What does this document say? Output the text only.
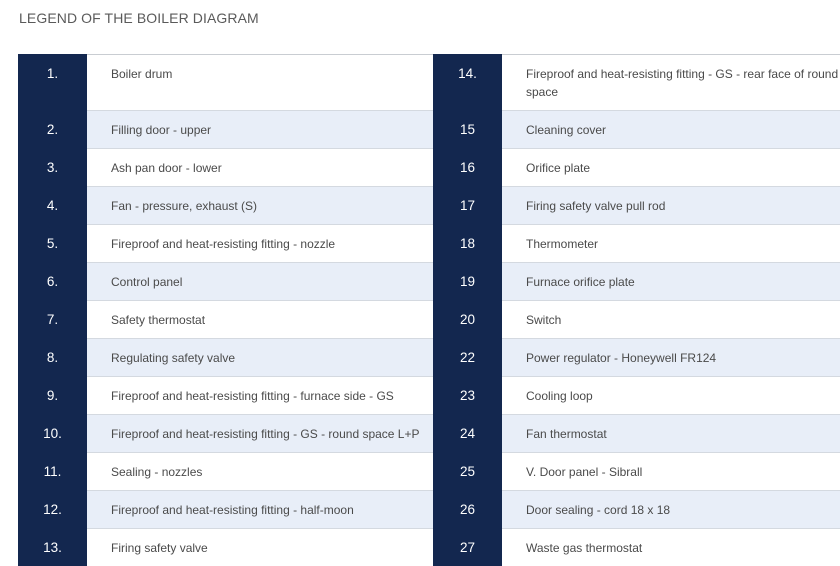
LEGEND OF THE BOILER DIAGRAM
1.	Boiler drum	14.	Fireproof and heat-resisting fitting - GS - rear face of round space
2.	Filling door - upper	15	Cleaning cover
3.	Ash pan door - lower	16	Orifice plate
4.	Fan - pressure, exhaust (S)	17	Firing safety valve pull rod
5.	Fireproof and heat-resisting fitting - nozzle	18	Thermometer
6.	Control panel	19	Furnace orifice plate
7.	Safety thermostat	20	Switch
8.	Regulating safety valve	22	Power regulator - Honeywell FR124
9.	Fireproof and heat-resisting fitting - furnace side - GS	23	Cooling loop
10.	Fireproof and heat-resisting fitting - GS - round space L+P	24	Fan thermostat
11.	Sealing - nozzles	25	V. Door panel - Sibrall
12.	Fireproof and heat-resisting fitting - half-moon	26	Door sealing - cord 18 x 18
13.	Firing safety valve	27	Waste gas thermostat
